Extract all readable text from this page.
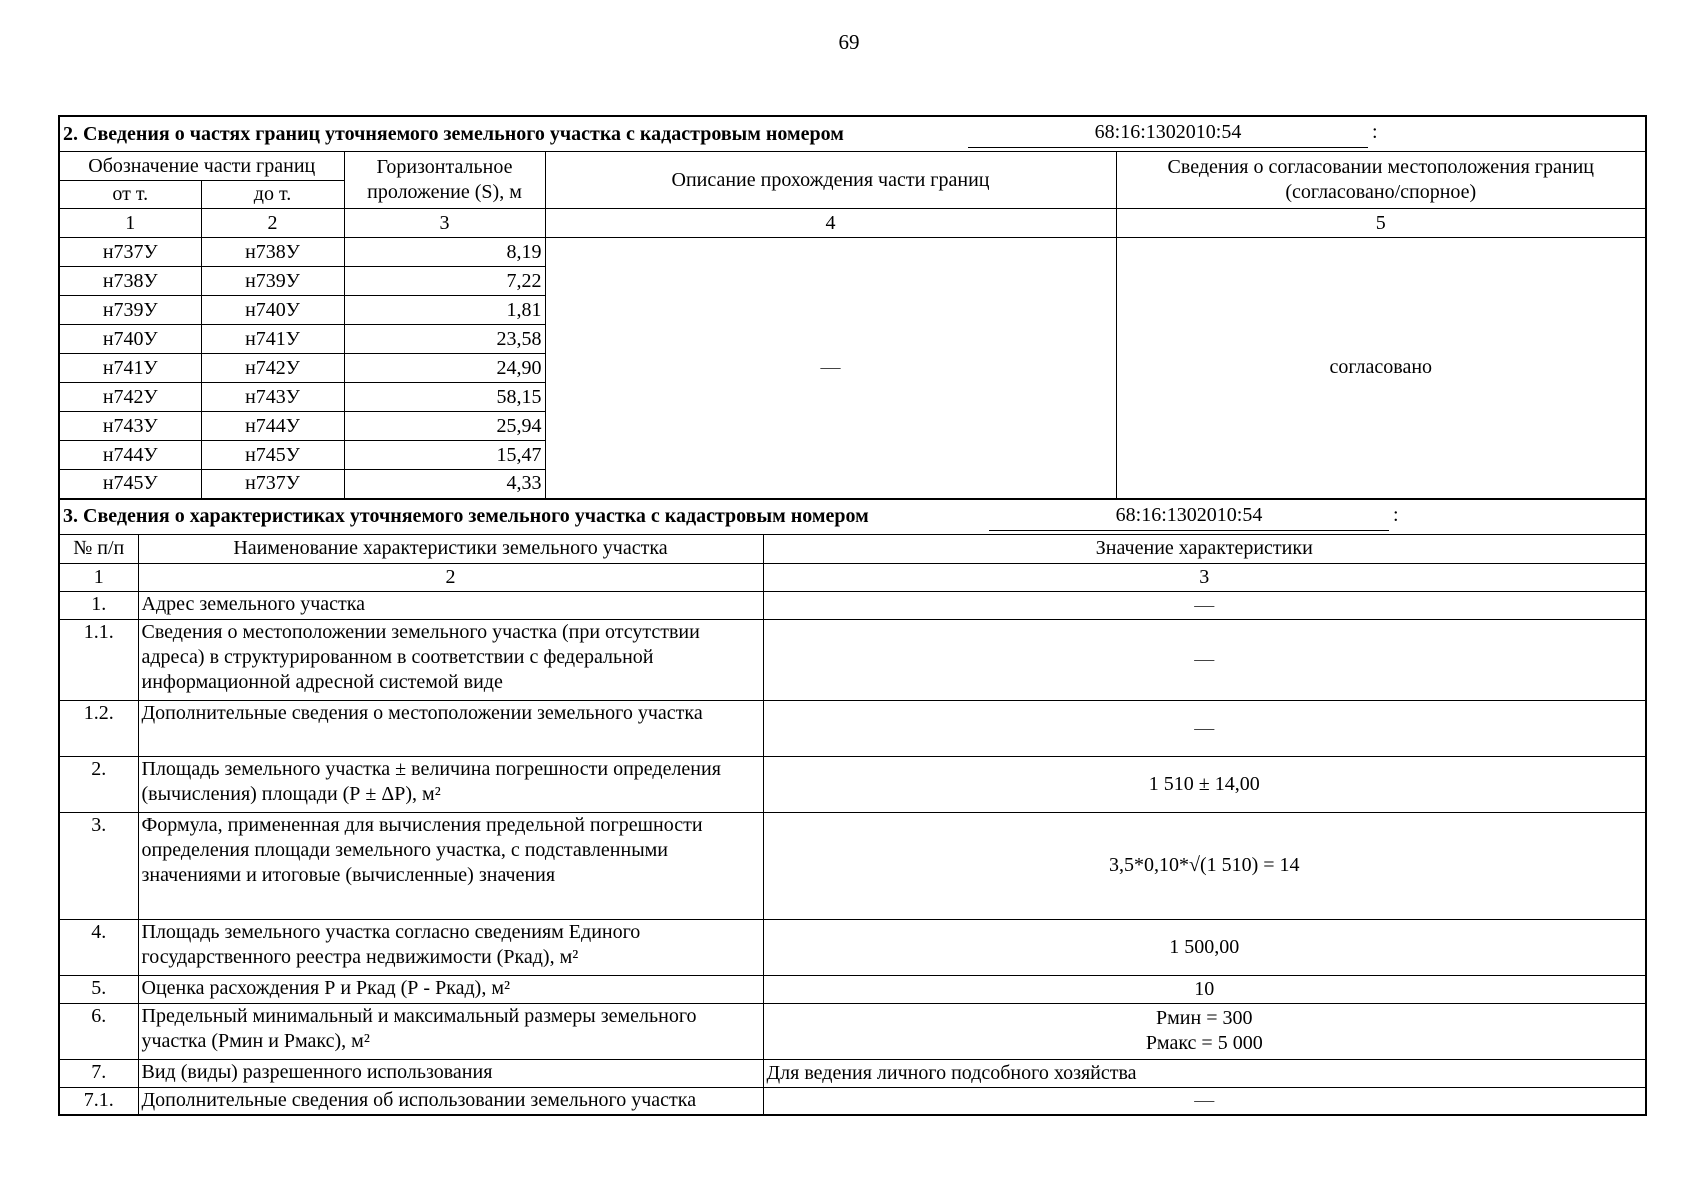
69
2. Сведения о частях границ уточняемого земельного участка с кадастровым номером 68:16:1302010:54 :				

Обозначение части границ		Горизонтальное проложение (S), м	Описание прохождения части границ	Сведения о согласовании местоположения границ (согласовано/спорное)
от т.	до т.			
1	2	3	4	5
н737У	н738У	8,19	—	согласовано
н738У	н739У	7,22		
н739У	н740У	1,81		
н740У	н741У	23,58		
н741У	н742У	24,90		
н742У	н743У	58,15		
н743У	н744У	25,94		
н744У	н745У	15,47		
н745У	н737У	4,33		
3. Сведения о характеристиках уточняемого земельного участка с кадастровым номером 68:16:1302010:54 :		

№ п/п	Наименование характеристики земельного участка	Значение характеристики
1	2	3
1.	Адрес земельного участка	—
1.1.	Сведения о местоположении земельного участка (при отсутствии адреса) в структурированном в соответствии с федеральной информационной адресной системой виде	—
1.2.	Дополнительные сведения о местоположении земельного участка	—
2.	Площадь земельного участка ± величина погрешности определения (вычисления) площади (Р ± ΔР), м²	1 510 ± 14,00
3.	Формула, примененная для вычисления предельной погрешности определения площади земельного участка, с подставленными значениями и итоговые (вычисленные) значения	3,5*0,10*√(1 510) = 14
4.	Площадь земельного участка согласно сведениям Единого государственного реестра недвижимости (Ркад), м²	1 500,00
5.	Оценка расхождения Р и Ркад (Р - Ркад), м²	10
6.	Предельный минимальный и максимальный размеры земельного участка (Рмин и Рмакс), м²	Рмин = 300
Рмакс = 5 000

7.	Вид (виды) разрешенного использования	Для ведения личного подсобного хозяйства
7.1.	Дополнительные сведения об использовании земельного участка	—
